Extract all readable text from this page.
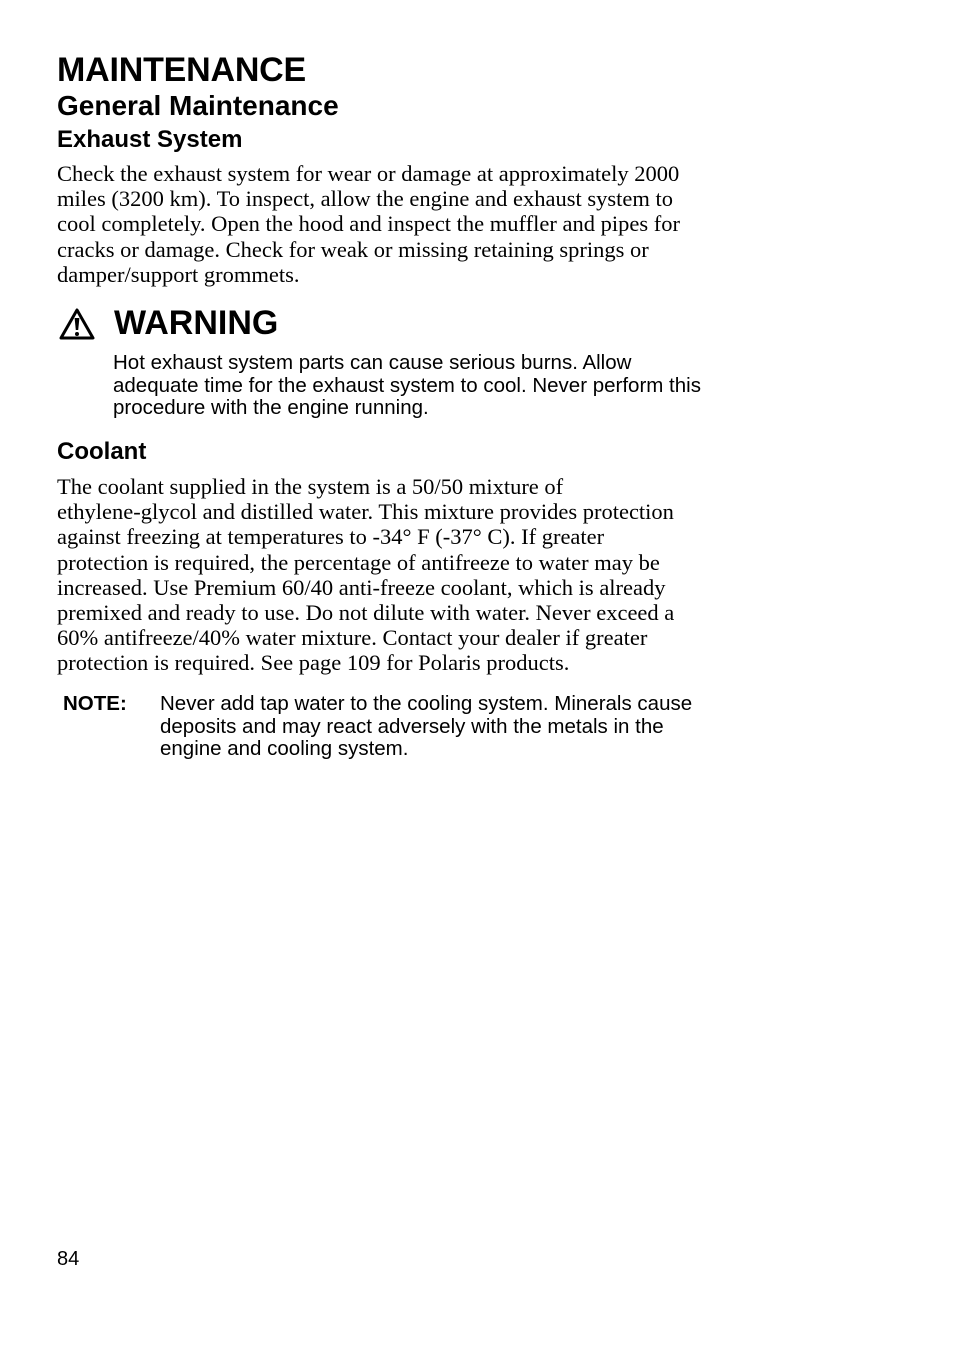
MAINTENANCE
General Maintenance
Exhaust System
Check the exhaust system for wear or damage at approximately 2000
miles (3200 km). To inspect, allow the engine and exhaust system to
cool completely. Open the hood and inspect the muffler and pipes for
cracks or damage. Check for weak or missing retaining springs or
damper/support grommets.
WARNING
Hot exhaust system parts can cause serious burns. Allow
adequate time for the exhaust system to cool. Never perform this
procedure with the engine running.
Coolant
The coolant supplied in the system is a 50/50 mixture of
ethylene-glycol and distilled water. This mixture provides protection
against freezing at temperatures to -34° F (-37° C). If greater
protection is required, the percentage of antifreeze to water may be
increased. Use Premium 60/40 anti-freeze coolant, which is already
premixed and ready to use. Do not dilute with water. Never exceed a
60% antifreeze/40% water mixture. Contact your dealer if greater
protection is required. See page 109 for Polaris products.
NOTE: Never add tap water to the cooling system. Minerals cause
deposits and may react adversely with the metals in the
engine and cooling system.
84
